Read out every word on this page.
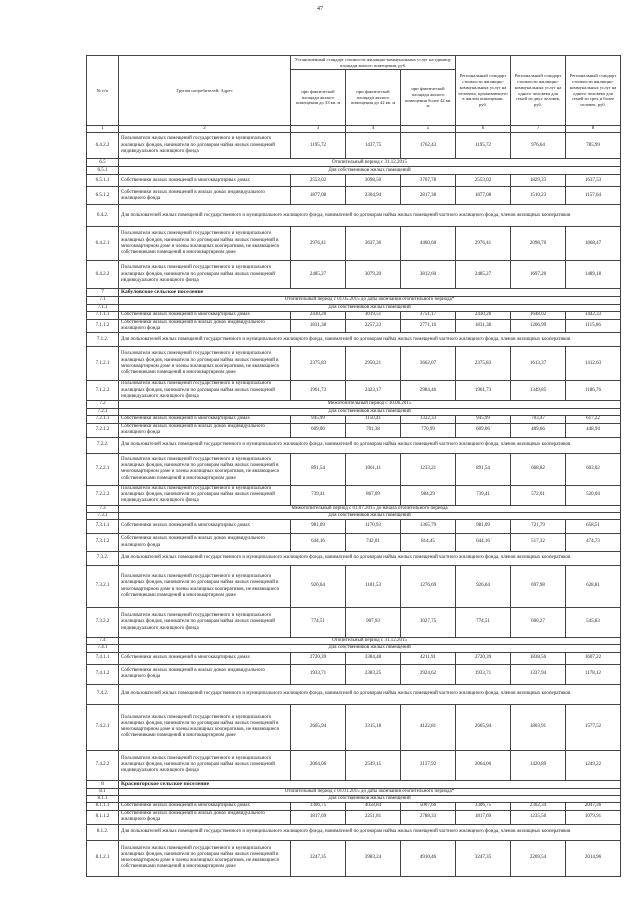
47
№ п/п	Группа потребителей; Адрес	Установленный стандарт стоимости жилищно-коммунальных услуг на единицу площади жилого помещения, руб.			Региональный стандарт стоимости жилищно-коммунальных услуг на человека, проживающего в жилом помещении, руб.	Региональный стандарт стоимости жилищно-коммунальных услуг на одного человека для семей из двух человек, руб.	Региональный стандарт стоимости жилищно-коммунальных услуг на одного человека для семей из трех и более человек, руб.
		при фактической площади жилого помещения до 33 кв. м	при фактической площади жилого помещения до 42 кв. м	при фактической площади жилого помещения более 42 кв. м			
1	2	3	4	5	6	7	8
6.4.2.2	Пользователи жилых помещений государственного и муниципального жилищных фондов, наниматели по договорам найма жилых помещений индивидуального жилищного фонда	1195,72	1437,75	1762,43	1195,72	976,64	785,99
6.5	Отопительный период с 31.12.2015						
6.5.1	Для собственников жилых помещений						
6.5.1.1	Собственники жилых помещений в многоквартирных домах	2553,02	3098,50	3767,78	2553,02	1829,33	1637,53
6.5.1.2	Собственники жилых помещений в жилых домах индивидуального жилищного фонда	1877,08	2304,94	2817,38	1877,08	1510,23	1157,64
6.4.2.	Для пользователей жилых помещений государственного и муниципального жилищного фонда, нанимателей по договорам найма жилых помещений частного жилищного фонда, членов жилищных кооперативов						
6.4.2.1	Пользователи жилых помещений государственного и муниципального жилищных фондов, наниматели по договорам найма жилых помещений в многоквартирном доме и члены жилищных кооперативов, не являющиеся собственниками помещений в многоквартирном доме	2976,41	3637,36	4460,60	2976,41	2098,76	1868,47
6.4.2.2	Пользователи жилых помещений государственного и муниципального жилищных фондов, наниматели по договорам найма жилых помещений индивидуального жилищного фонда	2485,27	3079,20	3812,60	2485,27	1697,26	1489,18
7	Кабуловское сельское поселение						
7.1	Отопительный период с 01.05.2015 до даты окончания отопительного периода*						
7.1.1	Для собственников жилых помещений						
7.1.1.1	Собственники жилых помещений в многоквартирных домах	2430,28	3019,51	3751,17	2430,28	1648,02	1442,33
7.1.1.2	Собственники жилых помещений в жилых домах индивидуального жилищного фонда	1831,38	2257,23	2771,16	1831,38	1266,99	1115,66
7.1.2.	Для пользователей жилых помещений государственного и муниципального жилищного фонда, нанимателей по договорам найма жилых помещений частного жилищного фонда, членов жилищных кооперативов						
7.1.2.1	Пользователи жилых помещений государственного и муниципального жилищных фондов, наниматели по договорам найма жилых помещений в многоквартирном доме и члены жилищных кооперативов, не являющиеся собственниками помещений в многоквартирном доме	2375,83	2950,21	3662,07	2375,83	1613,37	1412,63
7.1.2.2	Пользователи жилых помещений государственного и муниципального жилищных фондов, наниматели по договорам найма жилых помещений индивидуального жилищного фонда	1961,73	2423,17	2984,46	1961,73	1349,85	1186,76
7.2	Межотопительный период с 30.06.2015						
7.2.1	Для собственников жилых помещений						
7.2.1.1	Собственники жилых помещений в многоквартирных домах	945,99	1150,41	1322,33	945,99	703,47	617,22
7.2.1.2	Собственники жилых помещений в жилых домах индивидуального жилищного фонда	609,06	701,38	770,99	609,06	489,66	448,94
7.2.2.	Для пользователей жилых помещений государственного и муниципального жилищного фонда, нанимателей по договорам найма жилых помещений частного жилищного фонда, членов жилищных кооперативов						
7.2.2.1	Пользователи жилых помещений государственного и муниципального жилищных фондов, наниматели по договорам найма жилых помещений в многоквартирном доме и члены жилищных кооперативов, не являющиеся собственниками помещений в многоквартирном доме	891,54	1061,11	1233,21	891,54	668,82	603,02
7.2.2.2	Пользователи жилых помещений государственного и муниципального жилищных фондов, наниматели по договорам найма жилых помещений индивидуального жилищного фонда	739,41	867,09	984,29	739,41	572,01	520,04
7.3	Межотопительный период с 01.07.2015 до начала отопительного периода						
7.3.1	Для собственников жилых помещений						
7.3.1.1	Собственники жилых помещений в многоквартирных домах	981,09	1170,93	1365,79	981,09	721,79	658,51
7.3.1.2	Собственники жилых помещений в жилых домах индивидуального жилищного фонда	644,16	742,01	814,45	644,16	517,32	474,73
7.3.2.	Для пользователей жилых помещений государственного и муниципального жилищного фонда, нанимателей по договорам найма жилых помещений частного жилищного фонда, членов жилищных кооперативов						
7.3.2.1	Пользователи жилых помещений государственного и муниципального жилищных фондов, наниматели по договорам найма жилых помещений в многоквартирном доме и члены жилищных кооперативов, не являющиеся собственниками помещений в многоквартирном доме	926,64	1101,53	1276,69	926,64	697,98	628,81
7.3.2.2	Пользователи жилых помещений государственного и муниципального жилищных фондов, наниматели по договорам найма жилых помещений индивидуального жилищного фонда	774,51	907,93	1027,75	774,51	600,27	545,83
7.4	Отопительный период с 31.12.2015						
7.4.1	Для собственников жилых помещений						
7.4.1.1	Собственники жилых помещений в многоквартирных домах	2720,39	3384,48	4211,91	2720,39	1838,56	1607,22
7.4.1.2	Собственники жилых помещений в жилых домах индивидуального жилищного фонда	1933,71	2383,25	2924,62	1933,71	1337,94	1178,12
7.4.2.	Для пользователей жилых помещений государственного и муниципального жилищного фонда, нанимателей по договорам найма жилых помещений частного жилищного фонда, членов жилищных кооперативов						
7.4.2.1	Пользователи жилых помещений государственного и муниципального жилищных фондов, наниматели по договорам найма жилых помещений в многоквартирном доме и члены жилищных кооперативов, не являющиеся собственниками помещений в многоквартирном доме	2665,94	3315,18	4122,81	2665,94	1803,91	1577,52
7.4.2.2	Пользователи жилых помещений государственного и муниципального жилищных фондов, наниматели по договорам найма жилых помещений индивидуального жилищного фонда	2064,06	2549,15	3137,92	2064,06	1420,89	1249,22
8	Красногорское сельское поселение						
8.1	Отопительный период с 01.01.2015 до даты окончания отопительного периода*						
8.1.1	Для собственников жилых помещений						
8.1.1.1	Собственники жилых помещений в многоквартирных домах	3306,75	4058,84	5007,66	3306,75	2302,34	2047,36
8.1.1.2	Собственники жилых помещений в жилых домах индивидуального жилищного фонда	1817,69	2251,81	2788,33	1817,69	1235,56	1079,91
8.1.2.	Для пользователей жилых помещений государственного и муниципального жилищного фонда, нанимателей по договорам найма жилых помещений частного жилищного фонда, членов жилищных кооперативов						
8.1.2.1	Пользователи жилых помещений государственного и муниципального жилищных фондов, наниматели по договорам найма жилых помещений в многоквартирном доме и члены жилищных кооперативов, не являющиеся собственниками помещений в многоквартирном доме	3247,35	3983,24	4910,46	3247,35	2269,54	2014,96
